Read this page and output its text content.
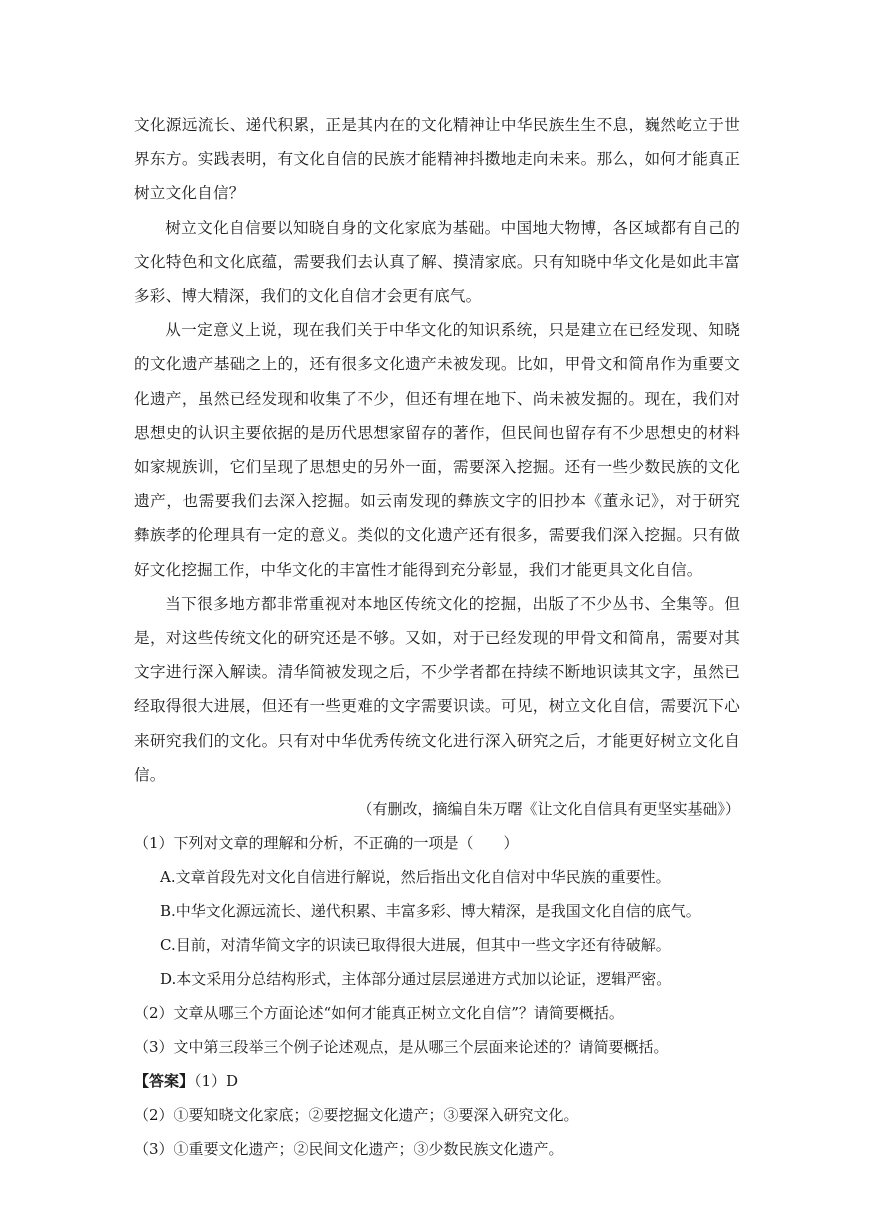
文化源远流长、递代积累，正是其内在的文化精神让中华民族生生不息，巍然屹立于世界东方。实践表明，有文化自信的民族才能精神抖擞地走向未来。那么，如何才能真正树立文化自信？

树立文化自信要以知晓自身的文化家底为基础。中国地大物博，各区域都有自己的文化特色和文化底蕴，需要我们去认真了解、摸清家底。只有知晓中华文化是如此丰富多彩、博大精深，我们的文化自信才会更有底气。

从一定意义上说，现在我们关于中华文化的知识系统，只是建立在已经发现、知晓的文化遗产基础之上的，还有很多文化遗产未被发现。比如，甲骨文和简帛作为重要文化遗产，虽然已经发现和收集了不少，但还有埋在地下、尚未被发掘的。现在，我们对思想史的认识主要依据的是历代思想家留存的著作，但民间也留存有不少思想史的材料如家规族训，它们呈现了思想史的另外一面，需要深入挖掘。还有一些少数民族的文化遗产，也需要我们去深入挖掘。如云南发现的彝族文字的旧抄本《董永记》，对于研究彝族孝的伦理具有一定的意义。类似的文化遗产还有很多，需要我们深入挖掘。只有做好文化挖掘工作，中华文化的丰富性才能得到充分彰显，我们才能更具文化自信。

当下很多地方都非常重视对本地区传统文化的挖掘，出版了不少丛书、全集等。但是，对这些传统文化的研究还是不够。又如，对于已经发现的甲骨文和简帛，需要对其文字进行深入解读。清华简被发现之后，不少学者都在持续不断地识读其文字，虽然已经取得很大进展，但还有一些更难的文字需要识读。可见，树立文化自信，需要沉下心来研究我们的文化。只有对中华优秀传统文化进行深入研究之后，才能更好树立文化自信。

（有删改，摘编自朱万曙《让文化自信具有更坚实基础》）

（1）下列对文章的理解和分析，不正确的一项是（　　）

A.文章首段先对文化自信进行解说，然后指出文化自信对中华民族的重要性。

B.中华文化源远流长、递代积累、丰富多彩、博大精深，是我国文化自信的底气。

C.目前，对清华简文字的识读已取得很大进展，但其中一些文字还有待破解。

D.本文采用分总结构形式，主体部分通过层层递进方式加以论证，逻辑严密。

（2）文章从哪三个方面论述“如何才能真正树立文化自信”？请简要概括。

（3）文中第三段举三个例子论述观点，是从哪三个层面来论述的？请简要概括。

【答案】（1）D

（2）①要知晓文化家底；②要挖掘文化遗产；③要深入研究文化。

（3）①重要文化遗产；②民间文化遗产；③少数民族文化遗产。
